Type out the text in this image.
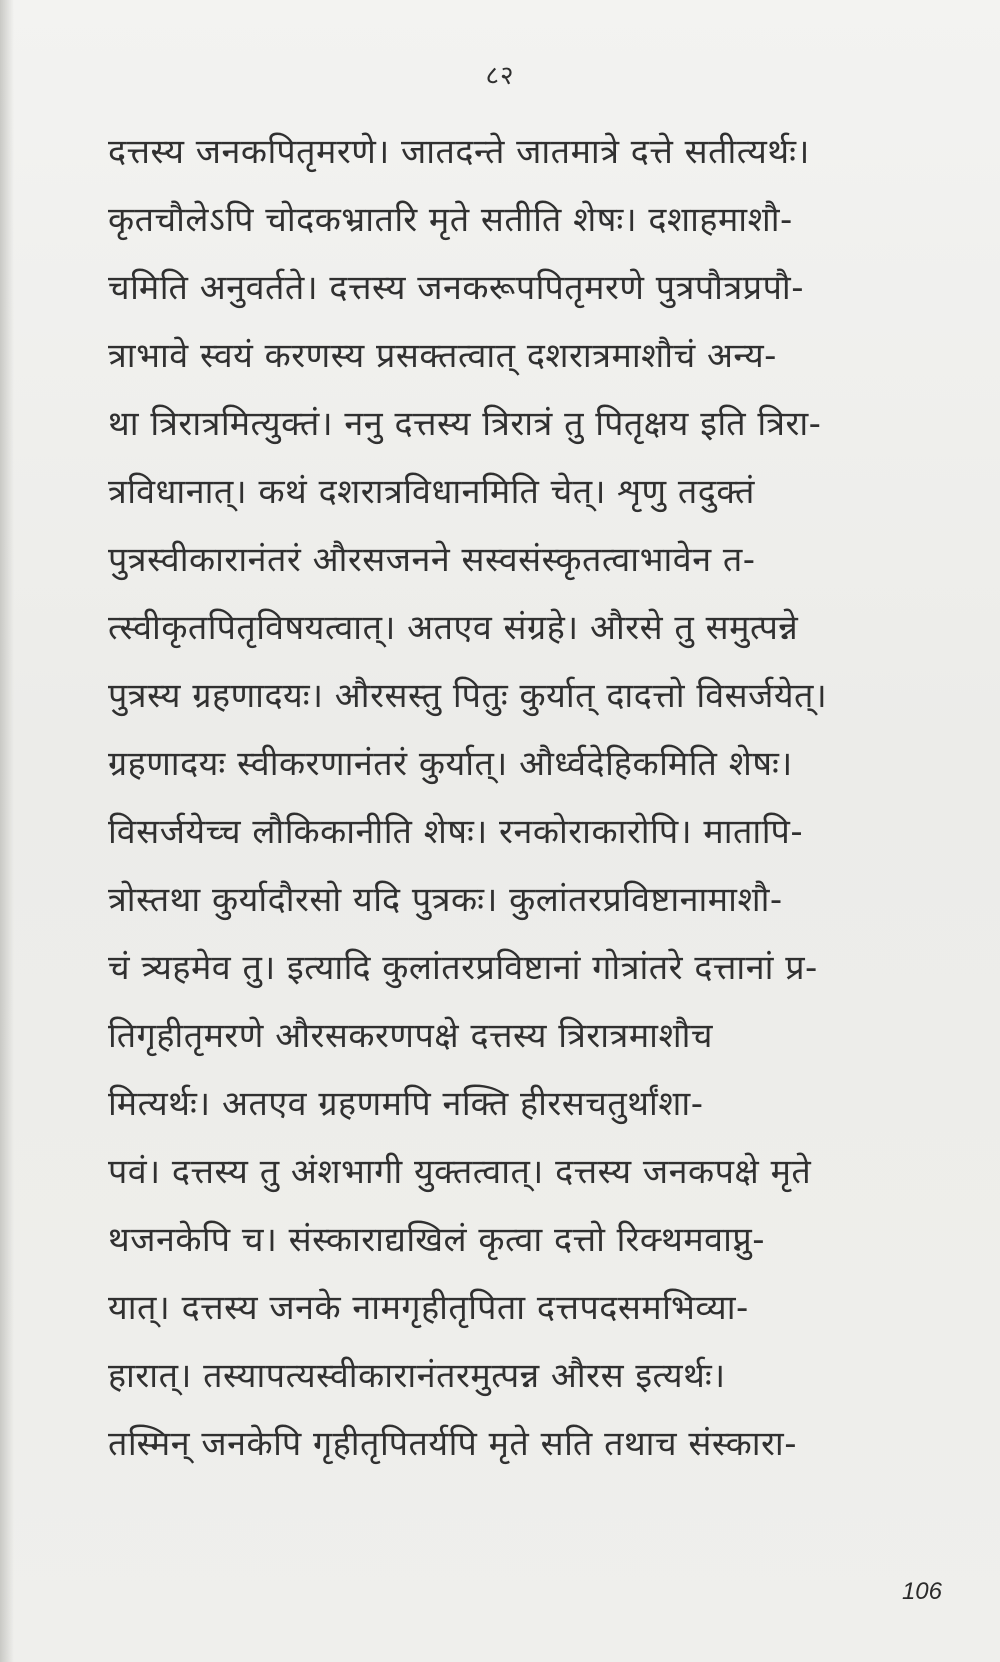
८२
दत्तस्य जनकपितृमरणे। जातदन्ते जातमात्रे दत्ते सतीत्यर्थः।
कृतचौलेऽपि चोदकभ्रातरि मृते सतीति शेषः। दशाहमाशौ-
चमिति अनुवर्तते। दत्तस्य जनकरूपपितृमरणे पुत्रपौत्रप्रपौ-
त्राभावे स्वयं करणस्य प्रसक्तत्वात् दशरात्रमाशौचं अन्य-
था त्रिरात्रमित्युक्तं। ननु दत्तस्य त्रिरात्रं तु पितृक्षय इति त्रिरा-
त्रविधानात्। कथं दशरात्रविधानमिति चेत्। शृणु तदुक्तं
पुत्रस्वीकारानंतरं औरसजनने सस्वसंस्कृतत्वाभावेन त-
त्स्वीकृतपितृविषयत्वात्। अतएव संग्रहे। औरसे तु समुत्पन्ने
पुत्रस्य ग्रहणादयः। औरसस्तु पितुः कुर्यात् दादत्तो विसर्जयेत्।
ग्रहणादयः स्वीकरणानंतरं कुर्यात्। और्ध्वदेहिकमिति शेषः।
विसर्जयेच्च लौकिकानीति शेषः। रनकोराकारोपि। मातापि-
त्रोस्तथा कुर्यादौरसो यदि पुत्रकः। कुलांतरप्रविष्टानामाशौ-
चं त्र्यहमेव तु। इत्यादि कुलांतरप्रविष्टानां गोत्रांतरे दत्तानां प्र-
तिगृहीतृमरणे औरसकरणपक्षे दत्तस्य त्रिरात्रमाशौच
मित्यर्थः। अतएव ग्रहणमपि नक्ति हीरसचतुर्थांशा-
पवं। दत्तस्य तु अंशभागी युक्तत्वात्। दत्तस्य जनकपक्षे मृते
थजनकेपि च। संस्काराद्यखिलं कृत्वा दत्तो रिक्थमवाप्नु-
यात्। दत्तस्य जनके नामगृहीतृपिता दत्तपदसमभिव्या-
हारात्। तस्यापत्यस्वीकारानंतरमुत्पन्न औरस इत्यर्थः।
तस्मिन् जनकेपि गृहीतृपितर्यपि मृते सति तथाच संस्कारा-
106
